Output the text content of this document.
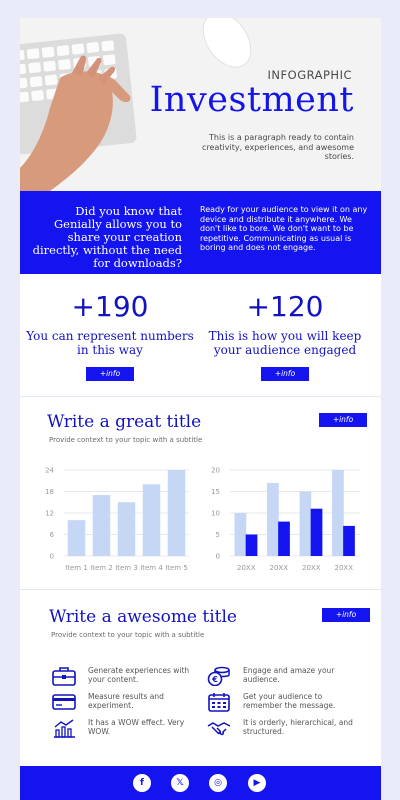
INFOGRAPHIC
Investment
This is a paragraph ready to contain creativity, experiences, and awesome stories.
Did you know that Genially allows you to share your creation directly, without the need for downloads?
Ready for your audience to view it on any device and distribute it anywhere. We don't like to bore. We don't want to be repetitive. Communicating as usual is boring and does not engage.
+190
You can represent numbers in this way
+info
+120
This is how you will keep your audience engaged
+info
Write a great title
Provide context to your topic with a subtitle
+info
0
6
12
18
24
Item 1 Item 2 Item 3 Item 4 Item 5
0
5
10
15
20
20XX 20XX 20XX 20XX
Write a awesome title
Provide context to your topic with a subtitle
+info
Generate experiences with your content.	€
Engage and amaze your audience.
Measure results and experiment.
Get your audience to remember the message.
It has a WOW effect. Very WOW.
It is orderly, hierarchical, and structured.
f	𝕏	◎	▶
